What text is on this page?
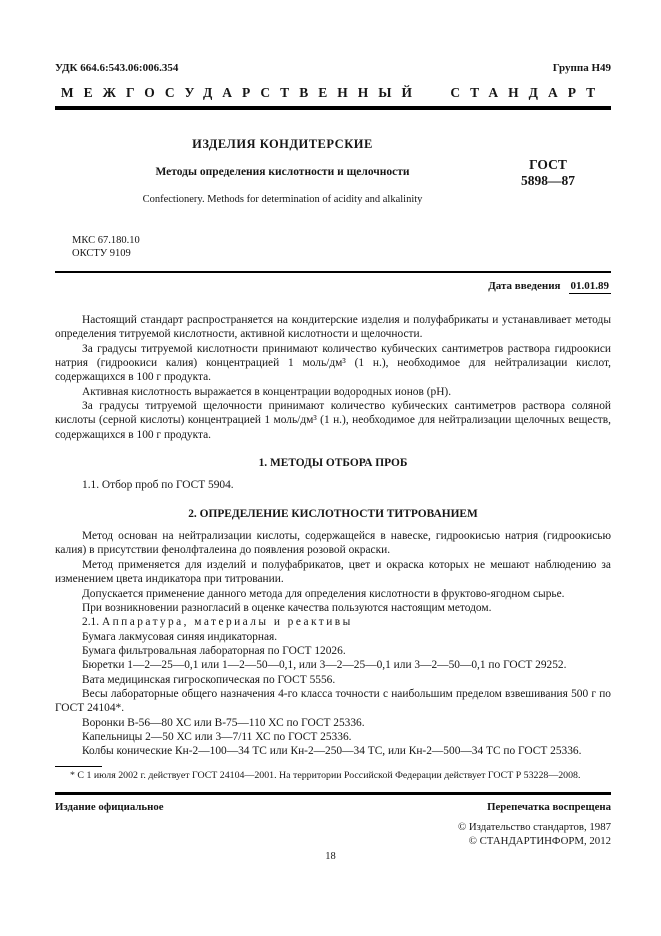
УДК 664.6:543.06:006.354	Группа Н49
МЕЖГОСУДАРСТВЕННЫЙ СТАНДАРТ
ИЗДЕЛИЯ КОНДИТЕРСКИЕ
Методы определения кислотности и щелочности
Confectionery. Methods for determination of acidity and alkalinity
ГОСТ
5898—87
МКС 67.180.10
ОКСТУ 9109
Дата введения 01.01.89

Настоящий стандарт распространяется на кондитерские изделия и полуфабрикаты и устанавливает методы определения титруемой кислотности, активной кислотности и щелочности.

За градусы титруемой кислотности принимают количество кубических сантиметров раствора гидроокиси натрия (гидроокиси калия) концентрацией 1 моль/дм³ (1 н.), необходимое для нейтрализации кислот, содержащихся в 100 г продукта.

Активная кислотность выражается в концентрации водородных ионов (pH).

За градусы титруемой щелочности принимают количество кубических сантиметров раствора соляной кислоты (серной кислоты) концентрацией 1 моль/дм³ (1 н.), необходимое для нейтрализации щелочных веществ, содержащихся в 100 г продукта.

1. МЕТОДЫ ОТБОРА ПРОБ

1.1. Отбор проб по ГОСТ 5904.

2. ОПРЕДЕЛЕНИЕ КИСЛОТНОСТИ ТИТРОВАНИЕМ

Метод основан на нейтрализации кислоты, содержащейся в навеске, гидроокисью натрия (гидроокисью калия) в присутствии фенолфталеина до появления розовой окраски.

Метод применяется для изделий и полуфабрикатов, цвет и окраска которых не мешают наблюдению за изменением цвета индикатора при титровании.

Допускается применение данного метода для определения кислотности в фруктово-ягодном сырье.

При возникновении разногласий в оценке качества пользуются настоящим методом.

2.1. Аппаратура, материалы и реактивы

Бумага лакмусовая синяя индикаторная.

Бумага фильтровальная лабораторная по ГОСТ 12026.

Бюретки 1—2—25—0,1 или 1—2—50—0,1, или 3—2—25—0,1 или 3—2—50—0,1 по ГОСТ 29252.

Вата медицинская гигроскопическая по ГОСТ 5556.

Весы лабораторные общего назначения 4-го класса точности с наибольшим пределом взвешивания 500 г по ГОСТ 24104*.

Воронки В-56—80 ХС или В-75—110 ХС по ГОСТ 25336.

Капельницы 2—50 ХС или 3—7/11 ХС по ГОСТ 25336.

Колбы конические Кн-2—100—34 ТС или Кн-2—250—34 ТС, или Кн-2—500—34 ТС по ГОСТ 25336.

* С 1 июля 2002 г. действует ГОСТ 24104—2001. На территории Российской Федерации действует ГОСТ Р 53228—2008.

Издание официальное	Перепечатка воспрещена
© Издательство стандартов, 1987
© СТАНДАРТИНФОРМ, 2012
18
